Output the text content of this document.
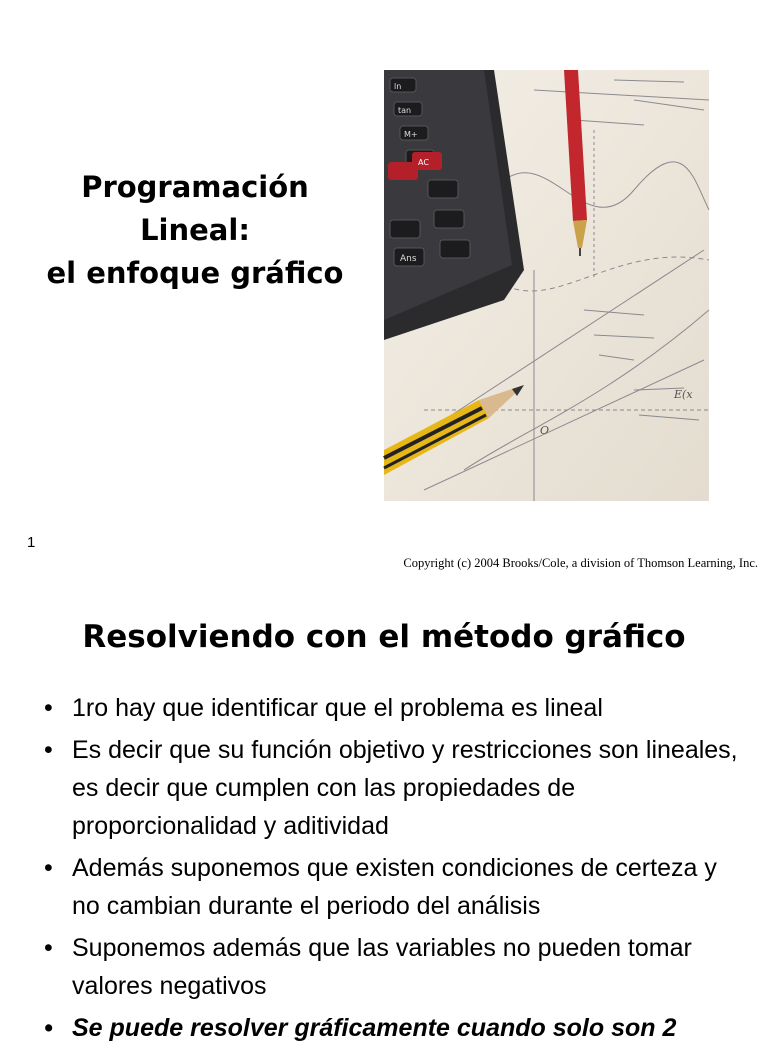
Programación
Lineal:
el enfoque gráfico
O
E(x
ln
tan
M+
AC
Ans
1
Copyright (c) 2004 Brooks/Cole, a division of Thomson Learning, Inc.
Resolviendo con el método gráfico
• 1ro hay que identificar que el problema es lineal
• Es decir que su función objetivo y restricciones son lineales, es decir que cumplen con las propiedades de proporcionalidad y aditividad
• Además suponemos que existen condiciones de certeza y no cambian durante el periodo del análisis
• Suponemos además que las variables no pueden tomar valores negativos
• Se puede resolver gráficamente cuando solo son 2
